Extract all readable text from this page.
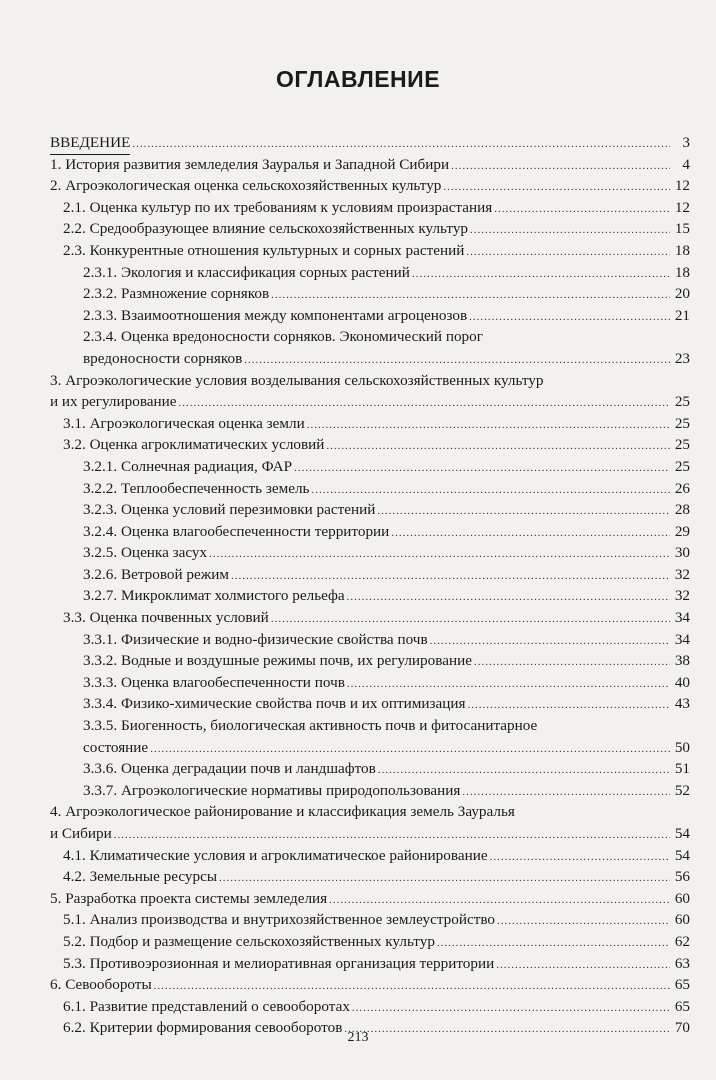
ОГЛАВЛЕНИЕ
ВВЕДЕНИЕ .....	3
1. История развития земледелия Зауралья и Западной Сибири .....	4
2. Агроэкологическая оценка сельскохозяйственных культур .....	12
2.1. Оценка культур по их требованиям к условиям произрастания .....	12
2.2. Средообразующее влияние сельскохозяйственных культур .....	15
2.3. Конкурентные отношения культурных и сорных растений .....	18
2.3.1. Экология и классификация сорных растений .....	18
2.3.2. Размножение сорняков .....	20
2.3.3. Взаимоотношения между компонентами агроценозов .....	21
2.3.4. Оценка вредоносности сорняков. Экономический порог
вредоносности сорняков .....	23
3. Агроэкологические условия возделывания сельскохозяйственных культур
и их регулирование .....	25
3.1. Агроэкологическая оценка земли .....	25
3.2. Оценка агроклиматических условий .....	25
3.2.1. Солнечная радиация, ФАР .....	25
3.2.2. Теплообеспеченность земель .....	26
3.2.3. Оценка условий перезимовки растений .....	28
3.2.4. Оценка влагообеспеченности территории .....	29
3.2.5. Оценка засух .....	30
3.2.6. Ветровой режим .....	32
3.2.7. Микроклимат холмистого рельефа .....	32
3.3. Оценка почвенных условий .....	34
3.3.1. Физические и водно-физические свойства почв .....	34
3.3.2. Водные и воздушные режимы почв, их регулирование .....	38
3.3.3. Оценка влагообеспеченности почв .....	40
3.3.4. Физико-химические свойства почв и их оптимизация .....	43
3.3.5. Биогенность, биологическая активность почв и фитосанитарное
состояние .....	50
3.3.6. Оценка деградации почв и ландшафтов .....	51
3.3.7. Агроэкологические нормативы природопользования .....	52
4. Агроэкологическое районирование и классификация земель Зауралья
и Сибири .....	54
4.1. Климатические условия и агроклиматическое районирование .....	54
4.2. Земельные ресурсы .....	56
5. Разработка проекта системы земледелия .....	60
5.1. Анализ производства и внутрихозяйственное землеустройство .....	60
5.2. Подбор и размещение сельскохозяйственных культур .....	62
5.3. Противоэрозионная и мелиоративная организация территории .....	63
6. Севообороты .....	65
6.1. Развитие представлений о севооборотах .....	65
6.2. Критерии формирования севооборотов .....	70
213
